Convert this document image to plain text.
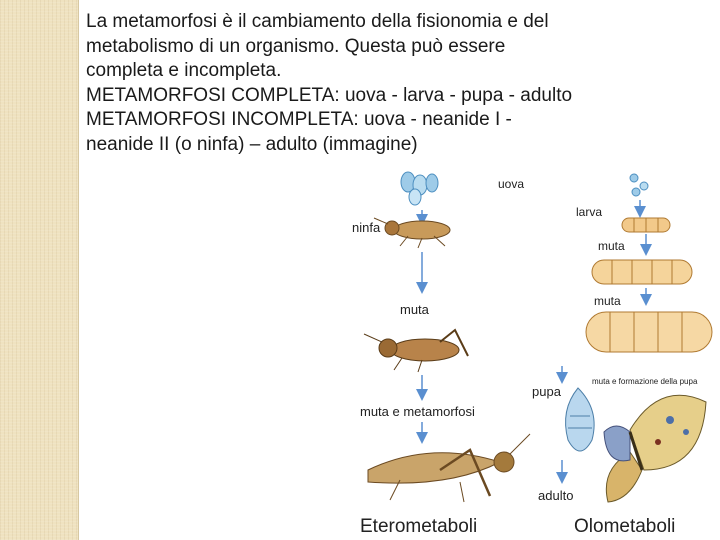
La metamorfosi è il cambiamento della fisionomia e del
metabolismo di un organismo. Questa può essere
completa e incompleta.
METAMORFOSI COMPLETA: uova - larva - pupa - adulto
METAMORFOSI INCOMPLETA: uova - neanide I -
neanide II (o ninfa) – adulto (immagine)
ninfa
muta
muta e metamorfosi
Eterometaboli
uova
larva
muta
muta
muta e formazione della pupa
pupa
adulto
Olometaboli
